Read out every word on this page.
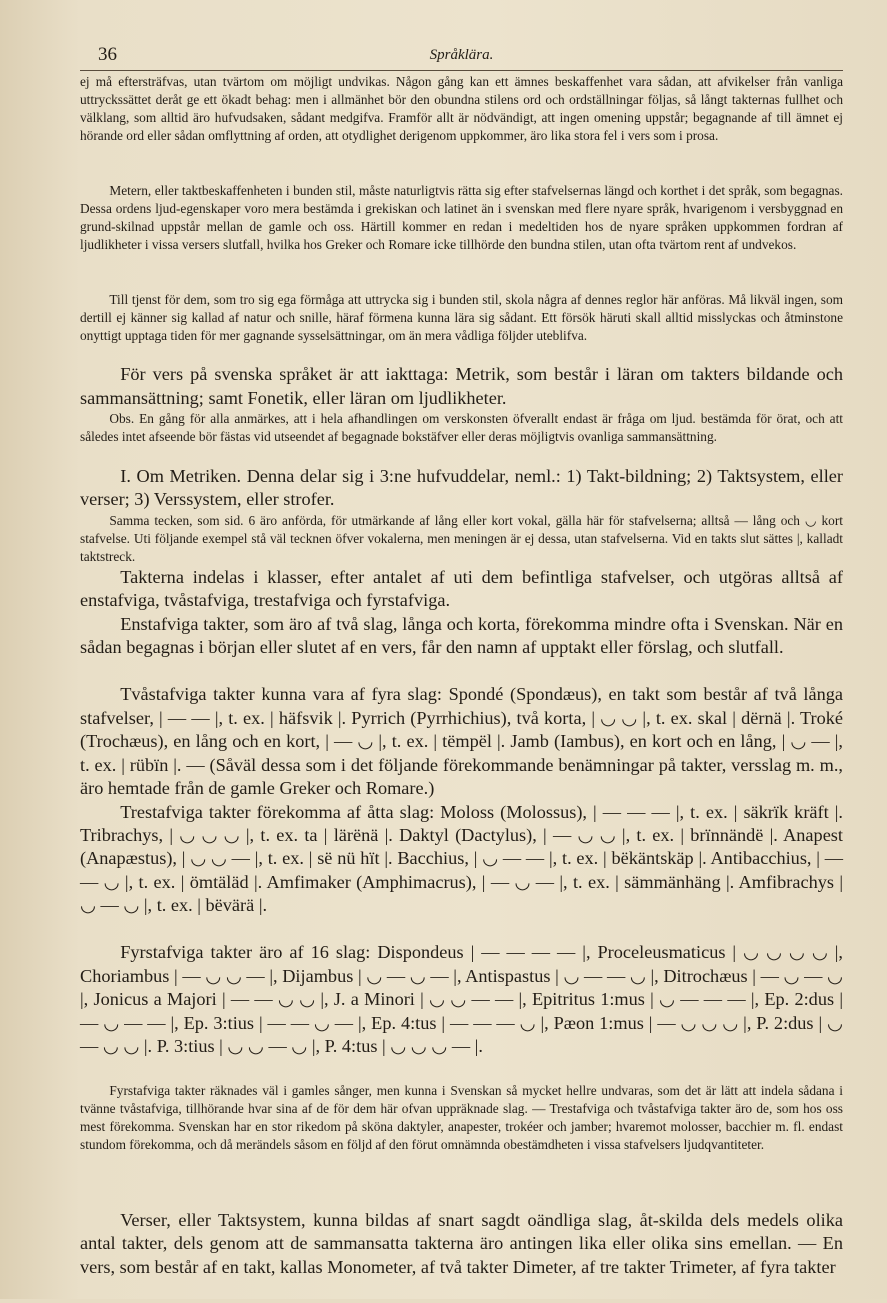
36	Språklära.

ej må eftersträfvas, utan tvärtom om möjligt undvikas. Någon gång kan ett ämnes beskaffenhet vara sådan, att afvikelser från vanliga uttryckssättet deråt ge ett ökadt behag: men i allmänhet bör den obundna stilens ord och ordställningar följas, så långt takternas fullhet och välklang, som alltid äro hufvudsaken, sådant medgifva. Framför allt är nödvändigt, att ingen omening uppstår; begagnande af till ämnet ej hörande ord eller sådan omflyttning af orden, att otydlighet derigenom uppkommer, äro lika stora fel i vers som i prosa.

Metern, eller taktbeskaffenheten i bunden stil, måste naturligtvis rätta sig efter stafvelsernas längd och korthet i det språk, som begagnas. Dessa ordens ljud-egenskaper voro mera bestämda i grekiskan och latinet än i svenskan med flere nyare språk, hvarigenom i versbyggnad en grund-skilnad uppstår mellan de gamle och oss. Härtill kommer en redan i medeltiden hos de nyare språken uppkommen fordran af ljudlikheter i vissa versers slutfall, hvilka hos Greker och Romare icke tillhörde den bundna stilen, utan ofta tvärtom rent af undvekos.

Till tjenst för dem, som tro sig ega förmåga att uttrycka sig i bunden stil, skola några af dennes reglor här anföras. Må likväl ingen, som dertill ej känner sig kallad af natur och snille, häraf förmena kunna lära sig sådant. Ett försök häruti skall alltid misslyckas och åtminstone onyttigt upptaga tiden för mer gagnande sysselsättningar, om än mera vådliga följder uteblifva.

För vers på svenska språket är att iakttaga: Metrik, som består i läran om takters bildande och sammansättning; samt Fonetik, eller läran om ljudlikheter.

Obs. En gång för alla anmärkes, att i hela afhandlingen om verskonsten öfverallt endast är fråga om ljud. bestämda för örat, och att således intet afseende bör fästas vid utseendet af begagnade bokstäfver eller deras möjligtvis ovanliga sammansättning.

I. Om Metriken. Denna delar sig i 3:ne hufvuddelar, neml.: 1) Takt-bildning; 2) Taktsystem, eller verser; 3) Verssystem, eller strofer.

Samma tecken, som sid. 6 äro anförda, för utmärkande af lång eller kort vokal, gälla här för stafvelserna; alltså — lång och ◡ kort stafvelse. Uti följande exempel stå väl tecknen öfver vokalerna, men meningen är ej dessa, utan stafvelserna. Vid en takts slut sättes |, kalladt taktstreck.

Takterna indelas i klasser, efter antalet af uti dem befintliga stafvelser, och utgöras alltså af enstafviga, tvåstafviga, trestafviga och fyrstafviga.

Enstafviga takter, som äro af två slag, långa och korta, förekomma mindre ofta i Svenskan. När en sådan begagnas i början eller slutet af en vers, får den namn af upptakt eller förslag, och slutfall.

Tvåstafviga takter kunna vara af fyra slag: Spondé (Spondæus), en takt som består af två långa stafvelser, | — — |, t. ex. | häfsvik |. Pyrrich (Pyrrhichius), två korta, | ◡ ◡ |, t. ex. skal | dërnä |. Troké (Trochæus), en lång och en kort, | — ◡ |, t. ex. | tëmpël |. Jamb (Iambus), en kort och en lång, | ◡ — |, t. ex. | rübïn |. — (Såväl dessa som i det följande förekommande benämningar på takter, versslag m. m., äro hemtade från de gamle Greker och Romare.)

Trestafviga takter förekomma af åtta slag: Moloss (Molossus), | — — — |, t. ex. | säkrïk kräft |. Tribrachys, | ◡ ◡ ◡ |, t. ex. ta | lärënä |. Daktyl (Dactylus), | — ◡ ◡ |, t. ex. | brïnnändë |. Anapest (Anapæstus), | ◡ ◡ — |, t. ex. | së nü hït |. Bacchius, | ◡ — — |, t. ex. | bëkäntskäp |. Antibacchius, | — — ◡ |, t. ex. | ömtäläd |. Amfimaker (Amphimacrus), | — ◡ — |, t. ex. | sämmänhäng |. Amfibrachys | ◡ — ◡ |, t. ex. | bëvärä |.

Fyrstafviga takter äro af 16 slag: Dispondeus | — — — — |, Proceleusmaticus | ◡ ◡ ◡ ◡ |, Choriambus | — ◡ ◡ — |, Dijambus | ◡ — ◡ — |, Antispastus | ◡ — — ◡ |, Ditrochæus | — ◡ — ◡ |, Jonicus a Majori | — — ◡ ◡ |, J. a Minori | ◡ ◡ — — |, Epitritus 1:mus | ◡ — — — |, Ep. 2:dus | — ◡ — — |, Ep. 3:tius | — — ◡ — |, Ep. 4:tus | — — — ◡ |, Pæon 1:mus | — ◡ ◡ ◡ |, P. 2:dus | ◡ — ◡ ◡ |. P. 3:tius | ◡ ◡ — ◡ |, P. 4:tus | ◡ ◡ ◡ — |.

Fyrstafviga takter räknades väl i gamles sånger, men kunna i Svenskan så mycket hellre undvaras, som det är lätt att indela sådana i tvänne tvåstafviga, tillhörande hvar sina af de för dem här ofvan uppräknade slag. — Trestafviga och tvåstafviga takter äro de, som hos oss mest förekomma. Svenskan har en stor rikedom på sköna daktyler, anapester, trokéer och jamber; hvaremot molosser, bacchier m. fl. endast stundom förekomma, och då merändels såsom en följd af den förut omnämnda obestämdheten i vissa stafvelsers ljudqvantiteter.

Verser, eller Taktsystem, kunna bildas af snart sagdt oändliga slag, åt-skilda dels medels olika antal takter, dels genom att de sammansatta takterna äro antingen lika eller olika sins emellan. — En vers, som består af en takt, kallas Monometer, af två takter Dimeter, af tre takter Trimeter, af fyra takter
